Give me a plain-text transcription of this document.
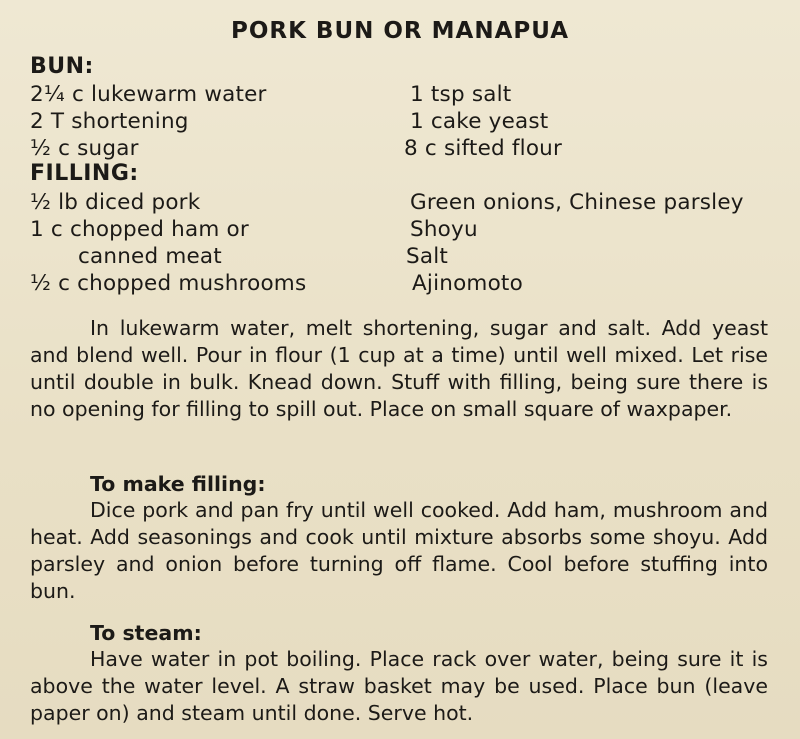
PORK BUN OR MANAPUA
BUN:
2¼ c lukewarm water
2 T shortening
½ c sugar
1 tsp salt
1 cake yeast
8 c sifted flour
FILLING:
½ lb diced pork
1 c chopped ham or
canned meat
½ c chopped mushrooms
Green onions, Chinese parsley
Shoyu
Salt
Ajinomoto

In lukewarm water, melt shortening, sugar and salt. Add yeast and blend well. Pour in flour (1 cup at a time) until well mixed. Let rise until double in bulk. Knead down. Stuff with filling, being sure there is no opening for filling to spill out. Place on small square of waxpaper.

To make filling:

Dice pork and pan fry until well cooked. Add ham, mushroom and heat. Add seasonings and cook until mixture absorbs some shoyu. Add parsley and onion before turning off flame. Cool before stuffing into bun.

To steam:

Have water in pot boiling. Place rack over water, being sure it is above the water level. A straw basket may be used. Place bun (leave paper on) and steam until done. Serve hot.
